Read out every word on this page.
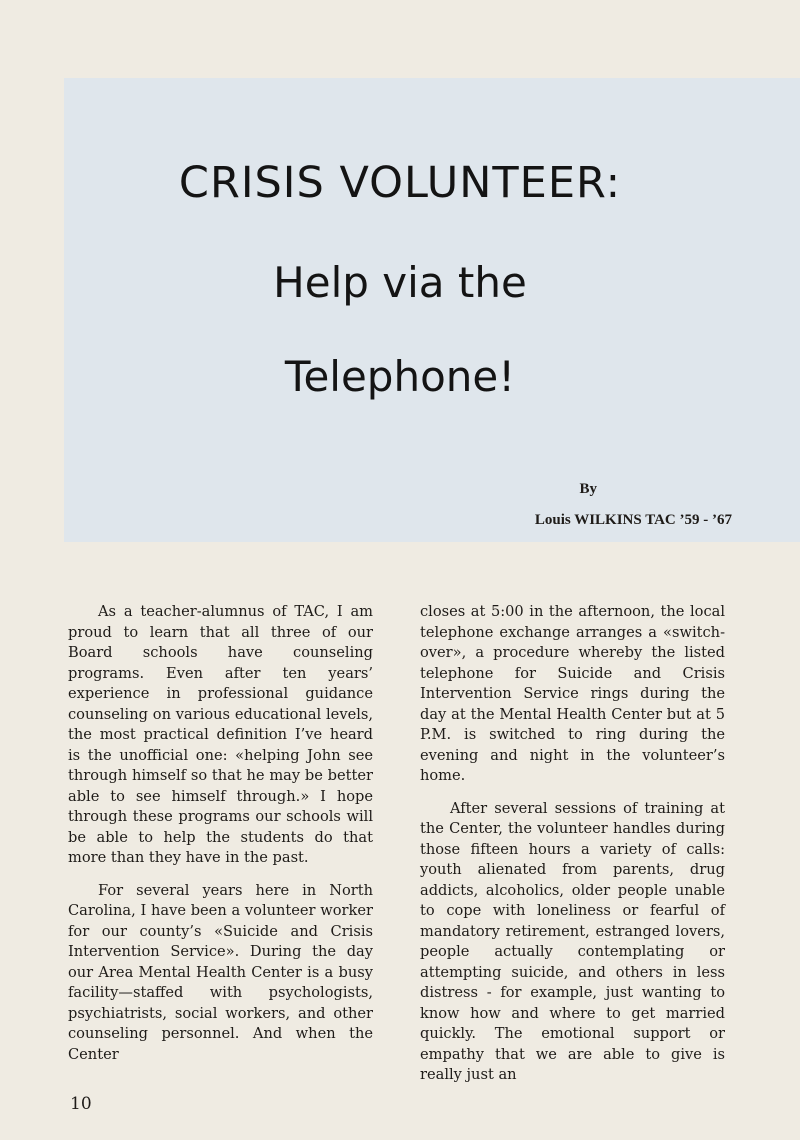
CRISIS VOLUNTEER:
Help via the
Telephone!
By
Louis WILKINS TAC ’59 - ’67

As a teacher-alumnus of TAC, I am proud to learn that all three of our Board schools have counseling programs. Even after ten years’ experience in professional guidance counseling on various educational levels, the most practical definition I’ve heard is the unofficial one: «helping John see through himself so that he may be better able to see himself through.» I hope through these programs our schools will be able to help the students do that more than they have in the past.

For several years here in North Carolina, I have been a volunteer worker for our county’s «Suicide and Crisis Intervention Service». During the day our Area Mental Health Center is a busy facility—staffed with psychologists, psychiatrists, social workers, and other counseling personnel. And when the Center

closes at 5:00 in the afternoon, the local telephone exchange arranges a «switch-over», a procedure whereby the listed telephone for Suicide and Crisis Intervention Service rings during the day at the Mental Health Center but at 5 P.M. is switched to ring during the evening and night in the volunteer’s home.

After several sessions of training at the Center, the volunteer handles during those fifteen hours a variety of calls: youth alienated from parents, drug addicts, alcoholics, older people unable to cope with loneliness or fearful of mandatory retirement, estranged lovers, people actually contemplating or attempting suicide, and others in less distress - for example, just wanting to know how and where to get married quickly. The emotional support or empathy that we are able to give is really just an

10
